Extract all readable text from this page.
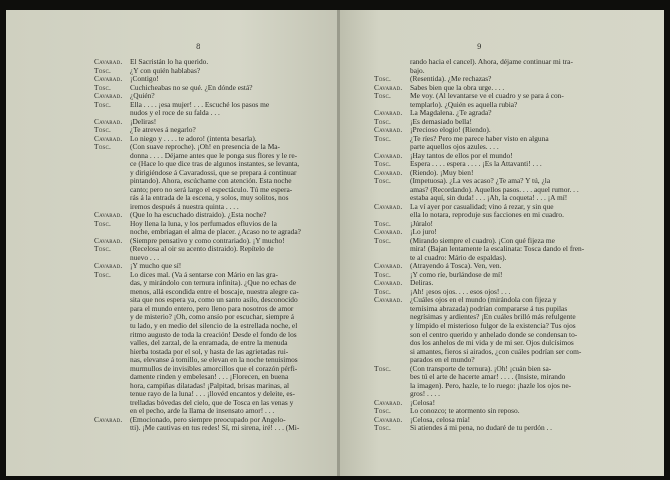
8
Cavarad. El Sacristán lo ha querido.
Tosc.	¿Y con quién hablabas?
Cavarad. ¡Contigo!
Tosc.	Cuchicheabas no se qué. ¿En dónde está?
Cavarad. ¿Quién?
Tosc.	Ella . . . . ¡esa mujer! . . . Escuché los pasos me
nudos y el roce de su falda . . .
Cavarad. ¡Deliras!
Tosc.	¿Te atreves á negarlo?
Cavarad. Lo niego y . . . . te adoro! (intenta besarla).
Tosc.	(Con suave reproche). ¡Oh! en presencia de la Ma-
donna . . . . Déjame antes que le ponga sus flores y le re-
ce (Hace lo que dice tras de algunos instantes, se levanta,
y dirigiéndose á Cavaradossi, que se prepara á continuar
pintando). Ahora, escúchame con atención. Esta noche
canto; pero no será largo el espectáculo. Tú me espera-
rás á la entrada de la escena, y solos, muy solitos, nos
iremos después á nuestra quinta . . . .
Cavarad. (Que lo ha escuchado distraido). ¿Esta noche?
Tosc.	Hoy llena la luna, y los perfumados efluvios de la
noche, embriagan el alma de placer. ¿Acaso no te agrada?
Cavarad. (Siempre pensativo y como contrariado). ¡Y mucho!
Tosc.	(Recelosa al oir su acento distraido). Repítelo de
nuevo . . .
Cavarad. ¡Y mucho que sí!
Tosc.	Lo dices mal. (Va á sentarse con Mário en las gra-
das, y mirándolo con ternura infinita). ¿Que no echas de
menos, allá escondida entre el boscaje, nuestra alegre ca-
sita que nos espera ya, como un santo asilo, desconocido
para el mundo entero, pero lleno para nosotros de amor
y de misterio? ¡Oh, como ansío por escuchar, siempre á
tu lado, y en medio del silencio de la estrellada noche, el
ritmo augusto de toda la creación! Desde el fondo de los
valles, del zarzal, de la enramada, de entre la menuda
hierba tostada por el sol, y hasta de las agrietadas rui-
nas, elevanse á tomillo, se elevan en la noche tenuisimos
murmullos de invisibles amorcillos que el corazón pérfi-
damente rinden y embelesan! . . . ¡Florecen, en buena
hora, campiñas dilatadas! ¡Palpitad, brisas marinas, al
tenue rayo de la luna! . . . ¡llovéd encantos y deleite, es-
trelladas bóvedas del cielo, que de Tosca en las venas y
en el pecho, arde la llama de insensato amor! . . .
Cavarad. (Emocionado, pero siempre preocupado por Angelo-
tti). ¡Me cautivas en tus redes! Sí, mi sirena, iré! . . . (Mi-
9
rando hacia el cancel). Ahora, déjame continuar mi tra-
bajo.
Tosc.	(Resentida). ¿Me rechazas?
Cavarad. Sabes bien que la obra urge. . . .
Tosc.	Me voy. (Al levantarse ve el cuadro y se para á con-
templarlo). ¿Quién es aquella rubia?
Cavarad. La Magdalena. ¿Te agrada?
Tosc.	¡Es demasiado bella!
Cavarad. ¡Precioso elogio! (Riendo).
Tosc.	¿Te ríes? Pero me parece haber visto en alguna
parte aquellos ojos azules. . . .
Cavarad. ¡Hay tantos de ellos por el mundo!
Tosc.	Espera . . . . espera . . . . ¡Es la Attavanti! . . .
Cavarad. (Riendo). ¡Muy bien!
Tosc.	(Impetuosa). ¿La ves acaso? ¿Te ama? Y tú, ¿la
amas? (Recordando). Aquellos pasos. . . . aquel rumor. . .
estaba aquí, sin duda! . . . ¡Ah, la coqueta! . . . ¡A mí!
Cavarad. La ví ayer por casualidad; vino á rezar, y sin que
ella lo notara, reproduje sus facciones en mi cuadro.
Tosc.	¡Júralo!
Cavarad. ¡Lo juro!
Tosc.	(Mirando siempre el cuadro). ¡Con qué fijeza me
mira! (Bajan lentamente la escalinata: Tosca dando el fren-
te al cuadro: Mário de espaldas).
Cavarad. (Atrayendo á Tosca). Ven, ven.
Tosc.	¡Y como ríe, burlándose de mí!
Cavarad. Deliras.
Tosc.	¡Ah! ¡esos ojos. . . . esos ojos! . . .
Cavarad. ¿Cuáles ojos en el mundo (mirándola con fijeza y
ternísima abrazada) podrían compararse á tus pupilas
negrísimas y ardientes? ¡En cuáles brilló más refulgente
y límpido el misterioso fulgor de la existencia? Tus ojos
son el centro querido y anhelado donde se condensan to-
dos los anhelos de mi vida y de mi ser. Ojos dulcísimos
si amantes, fieros si airados, ¿con cuáles podrían ser com-
parados en el mundo?
Tosc.	(Con transporte de ternura). ¡Oh! ¡cuán bien sa-
bes tú el arte de hacerte amar! . . . . (Insiste, mirando
la imagen). Pero, hazle, te lo ruego: ¡hazle los ojos ne-
gros! . . . .
Cavarad. ¡Celosa!
Tosc.	Lo conozco; te atormento sin reposo.
Cavarad. ¡Celosa, celosa mía!
Tosc.	Si atiendes á mi pena, no dudaré de tu perdón . .
